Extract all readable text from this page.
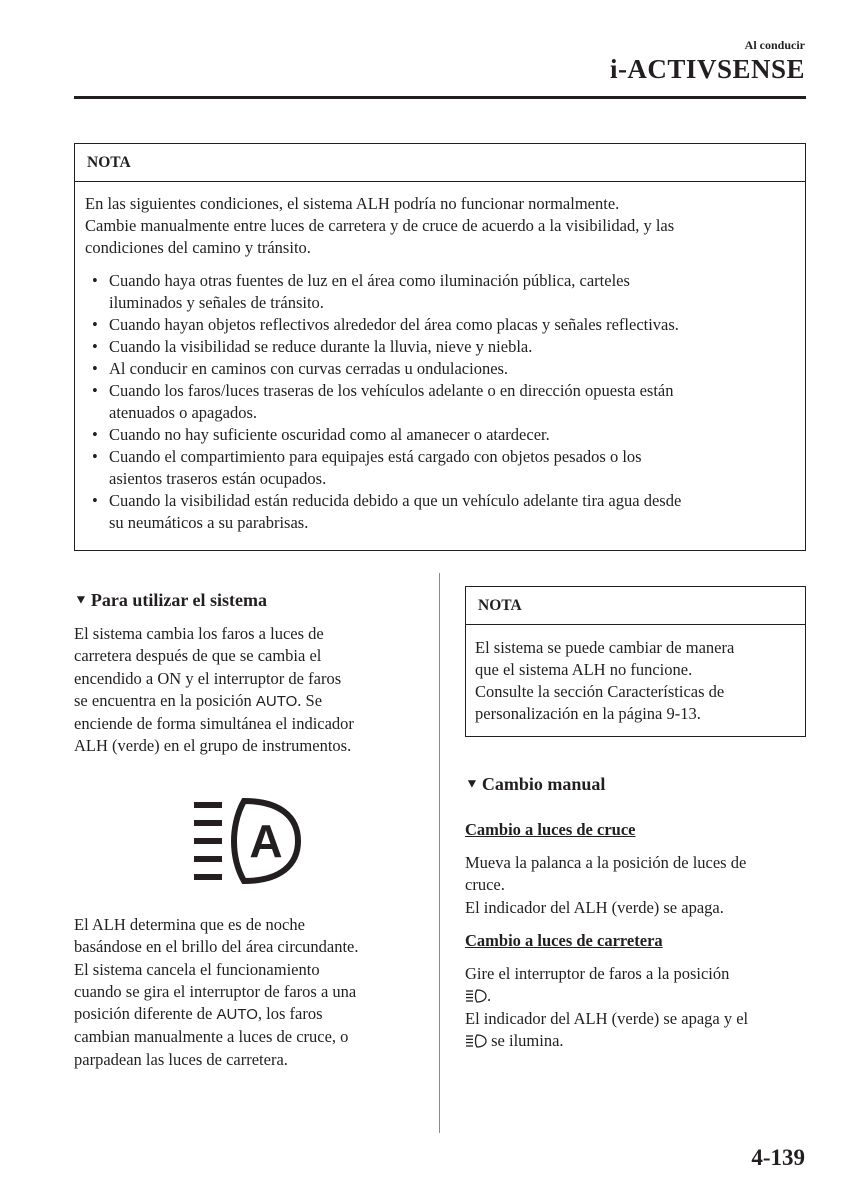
Al conducir
i-ACTIVSENSE
NOTA
En las siguientes condiciones, el sistema ALH podría no funcionar normalmente.
Cambie manualmente entre luces de carretera y de cruce de acuerdo a la visibilidad, y las
condiciones del camino y tránsito.
• Cuando haya otras fuentes de luz en el área como iluminación pública, carteles
iluminados y señales de tránsito.
• Cuando hayan objetos reflectivos alrededor del área como placas y señales reflectivas.
• Cuando la visibilidad se reduce durante la lluvia, nieve y niebla.
• Al conducir en caminos con curvas cerradas u ondulaciones.
• Cuando los faros/luces traseras de los vehículos adelante o en dirección opuesta están
atenuados o apagados.
• Cuando no hay suficiente oscuridad como al amanecer o atardecer.
• Cuando el compartimiento para equipajes está cargado con objetos pesados o los
asientos traseros están ocupados.
• Cuando la visibilidad están reducida debido a que un vehículo adelante tira agua desde
su neumáticos a su parabrisas.
▼ Para utilizar el sistema
El sistema cambia los faros a luces de
carretera después de que se cambia el
encendido a ON y el interruptor de faros
se encuentra en la posición AUTO. Se
enciende de forma simultánea el indicador
ALH (verde) en el grupo de instrumentos.
A
El ALH determina que es de noche
basándose en el brillo del área circundante.
El sistema cancela el funcionamiento
cuando se gira el interruptor de faros a una
posición diferente de AUTO, los faros
cambian manualmente a luces de cruce, o
parpadean las luces de carretera.
NOTA
El sistema se puede cambiar de manera
que el sistema ALH no funcione.
Consulte la sección Características de
personalización en la página 9-13.
▼ Cambio manual
Cambio a luces de cruce
Mueva la palanca a la posición de luces de
cruce.
El indicador del ALH (verde) se apaga.
Cambio a luces de carretera
Gire el interruptor de faros a la posición
.
El indicador del ALH (verde) se apaga y el
se ilumina.
4-139
